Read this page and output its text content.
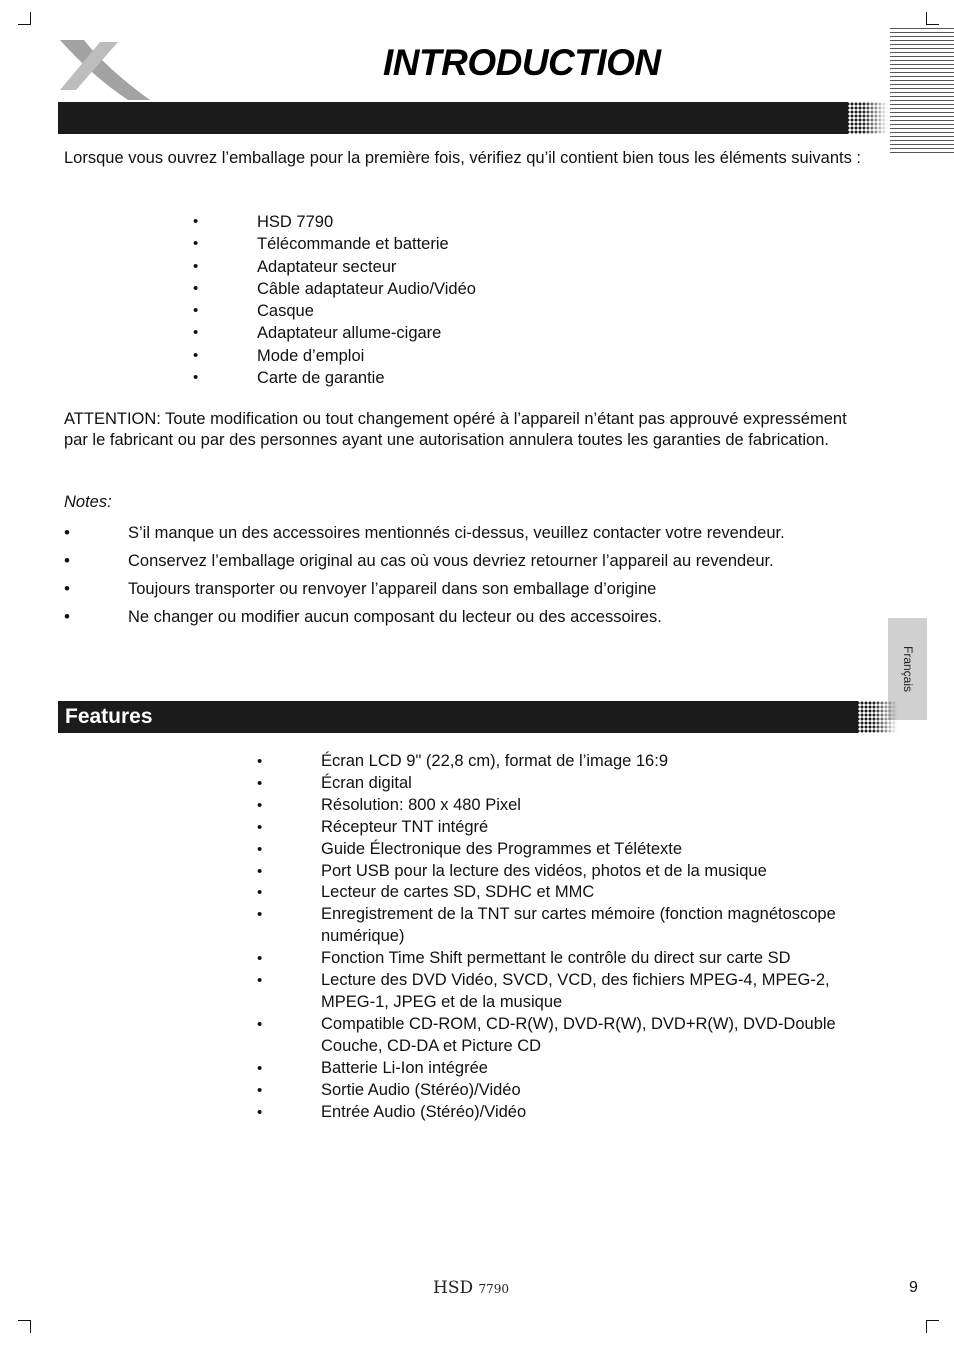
INTRODUCTION

Lorsque vous ouvrez l’emballage pour la première fois, vérifiez qu’il contient bien tous les éléments suivants :

•	HSD 7790
•	Télécommande et batterie
•	Adaptateur secteur
•	Câble adaptateur Audio/Vidéo
•	Casque
•	Adaptateur allume-cigare
•	Mode d’emploi
•	Carte de garantie

ATTENTION: Toute modification ou tout changement opéré à l’appareil n’étant pas approuvé expressément par le fabricant ou par des personnes ayant une autorisation annulera toutes les garanties de fabrication.

Notes:
•	S’il manque un des accessoires mentionnés ci-dessus, veuillez contacter votre revendeur.
•	Conservez l’emballage original au cas où vous devriez retourner l’appareil au revendeur.
•	Toujours transporter ou renvoyer l’appareil dans son emballage d’origine
•	Ne changer ou modifier aucun composant du lecteur ou des accessoires.
Français
Features
•	Écran LCD 9" (22,8 cm), format de l’image 16:9
•	Écran digital
•	Résolution: 800 x 480 Pixel
•	Récepteur TNT intégré
•	Guide Électronique des Programmes et Télétexte
•	Port USB pour la lecture des vidéos, photos et de la musique
•	Lecteur de cartes SD, SDHC et MMC
•	Enregistrement de la TNT sur cartes mémoire (fonction magnétoscope numérique)
•	Fonction Time Shift permettant le contrôle du direct sur carte SD
•	Lecture des DVD Vidéo, SVCD, VCD, des fichiers MPEG-4, MPEG-2, MPEG-1, JPEG et de la musique
•	Compatible CD-ROM, CD-R(W), DVD-R(W), DVD+R(W), DVD-Double Couche, CD-DA et Picture CD
•	Batterie Li-Ion intégrée
•	Sortie Audio (Stéréo)/Vidéo
•	Entrée Audio (Stéréo)/Vidéo
HSD 7790	9
